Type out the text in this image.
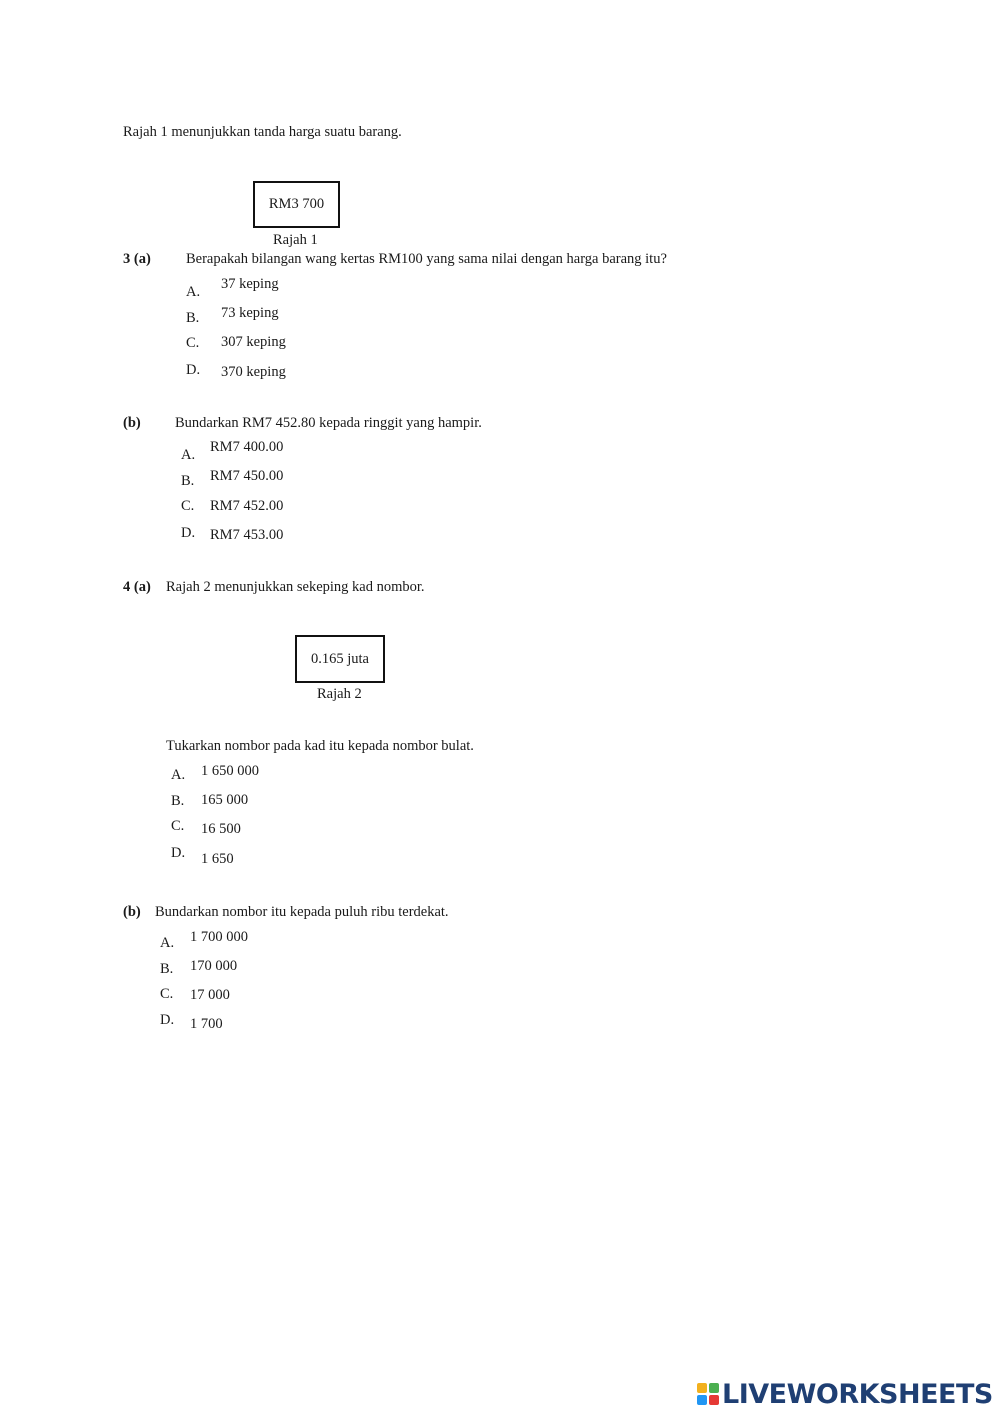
Rajah 1 menunjukkan tanda harga suatu barang.
RM3 700
Rajah 1
3 (a) Berapakah bilangan wang kertas RM100 yang sama nilai dengan harga barang itu?
A. 37 keping
B. 73 keping
C. 307 keping
D. 370 keping
(b) Bundarkan RM7 452.80 kepada ringgit yang hampir.
A. RM7 400.00
B. RM7 450.00
C. RM7 452.00
D. RM7 453.00
4 (a) Rajah 2 menunjukkan sekeping kad nombor.
0.165 juta
Rajah 2
Tukarkan nombor pada kad itu kepada nombor bulat.
A. 1 650 000
B. 165 000
C. 16 500
D. 1 650
(b) Bundarkan nombor itu kepada puluh ribu terdekat.
A. 1 700 000
B. 170 000
C. 17 000
D. 1 700
LIVEWORKSHEETS
